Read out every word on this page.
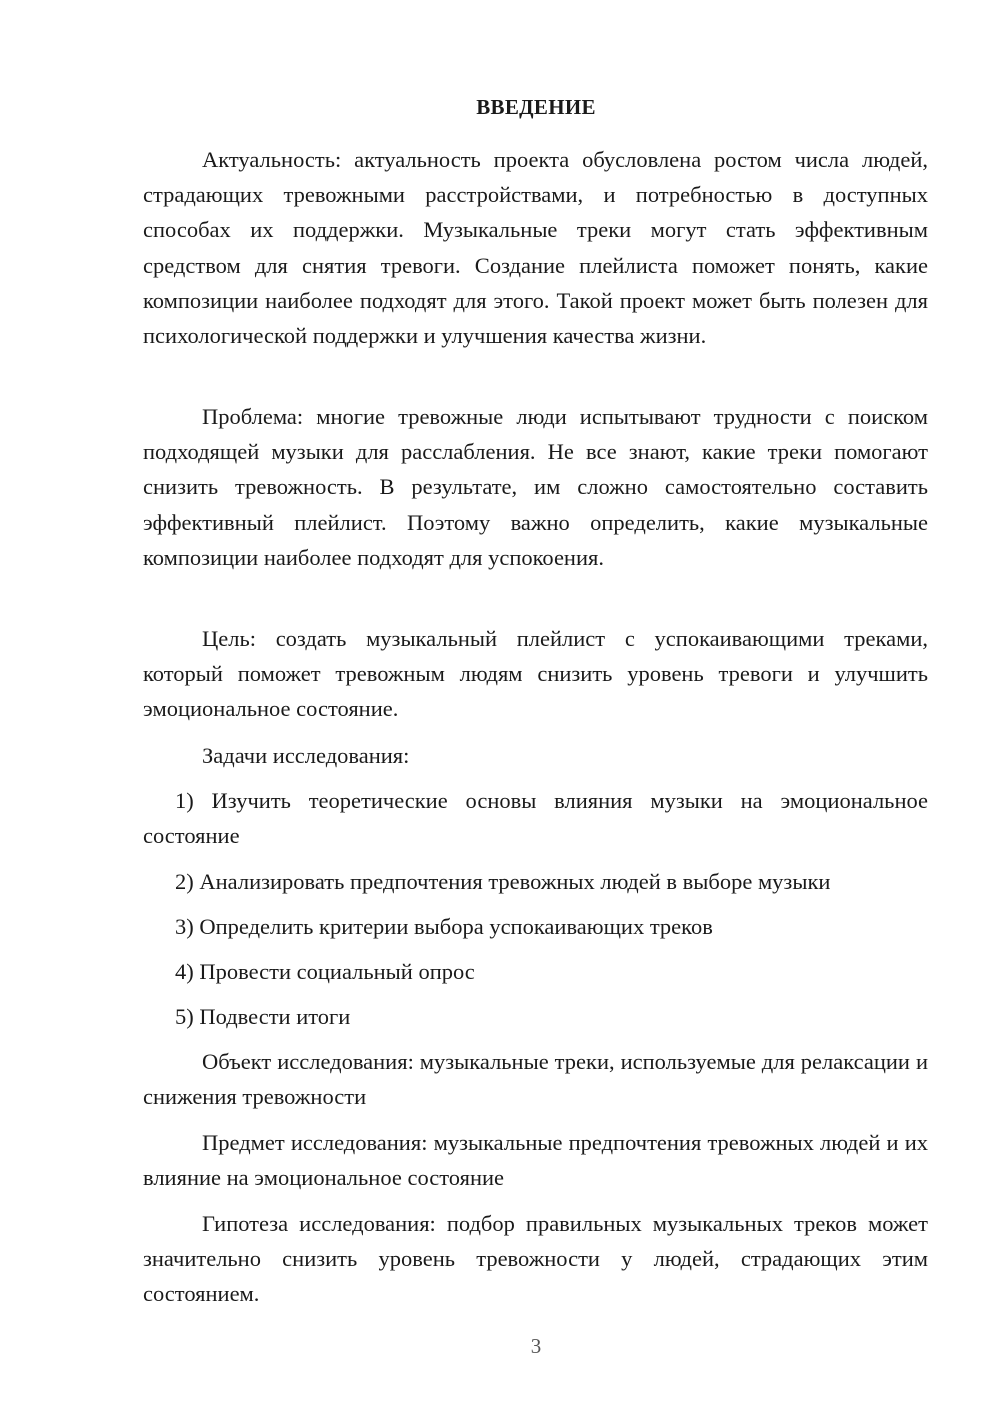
ВВЕДЕНИЕ

Актуальность: актуальность проекта обусловлена ростом числа людей, страдающих тревожными расстройствами, и потребностью в доступных способах их поддержки. Музыкальные треки могут стать эффективным средством для снятия тревоги. Создание плейлиста поможет понять, какие композиции наиболее подходят для этого. Такой проект может быть полезен для психологической поддержки и улучшения качества жизни.

Проблема: многие тревожные люди испытывают трудности с поиском подходящей музыки для расслабления. Не все знают, какие треки помогают снизить тревожность. В результате, им сложно самостоятельно составить эффективный плейлист. Поэтому важно определить, какие музыкальные композиции наиболее подходят для успокоения.

Цель: создать музыкальный плейлист с успокаивающими треками, который поможет тревожным людям снизить уровень тревоги и улучшить эмоциональное состояние.

Задачи исследования:

1) Изучить теоретические основы влияния музыки на эмоциональное состояние

2) Анализировать предпочтения тревожных людей в выборе музыки

3) Определить критерии выбора успокаивающих треков

4) Провести социальный опрос

5) Подвести итоги

Объект исследования: музыкальные треки, используемые для релаксации и снижения тревожности

Предмет исследования: музыкальные предпочтения тревожных людей и их влияние на эмоциональное состояние

Гипотеза исследования: подбор правильных музыкальных треков может значительно снизить уровень тревожности у людей, страдающих этим состоянием.

3
